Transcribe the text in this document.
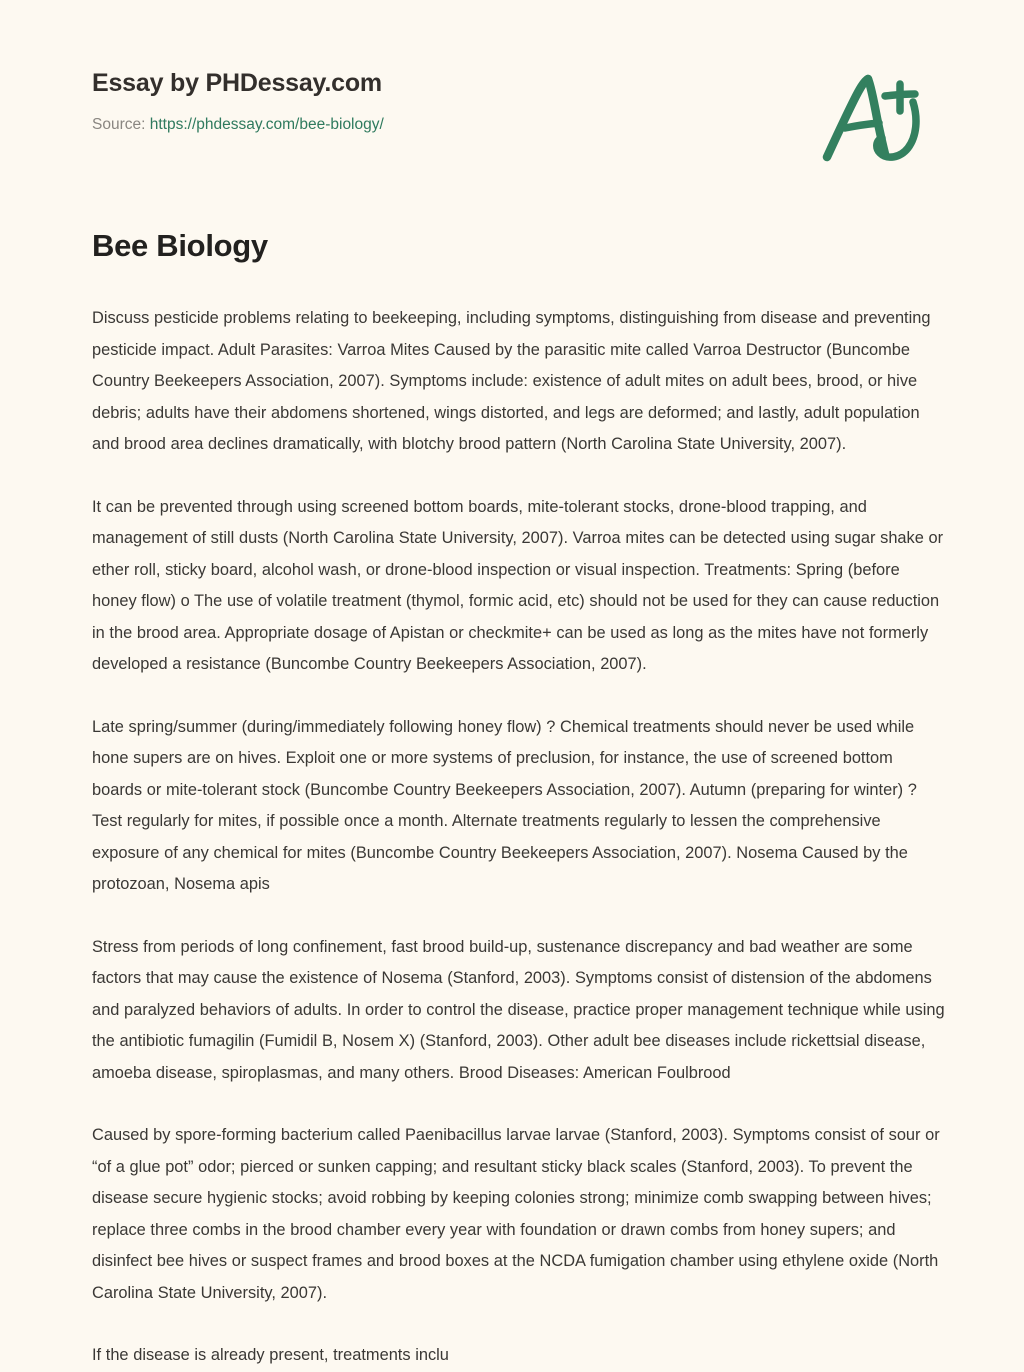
Essay by PHDessay.com
Source: https://phdessay.com/bee-biology/
Bee Biology

Discuss pesticide problems relating to beekeeping, including symptoms, distinguishing from disease and preventing pesticide impact. Adult Parasites: Varroa Mites Caused by the parasitic mite called Varroa Destructor (Buncombe Country Beekeepers Association, 2007). Symptoms include: existence of adult mites on adult bees, brood, or hive debris; adults have their abdomens shortened, wings distorted, and legs are deformed; and lastly, adult population and brood area declines dramatically, with blotchy brood pattern (North Carolina State University, 2007).

It can be prevented through using screened bottom boards, mite-tolerant stocks, drone-blood trapping, and management of still dusts (North Carolina State University, 2007). Varroa mites can be detected using sugar shake or ether roll, sticky board, alcohol wash, or drone-blood inspection or visual inspection. Treatments: Spring (before honey flow) o The use of volatile treatment (thymol, formic acid, etc) should not be used for they can cause reduction in the brood area. Appropriate dosage of Apistan or checkmite+ can be used as long as the mites have not formerly developed a resistance (Buncombe Country Beekeepers Association, 2007).

Late spring/summer (during/immediately following honey flow) ? Chemical treatments should never be used while hone supers are on hives. Exploit one or more systems of preclusion, for instance, the use of screened bottom boards or mite-tolerant stock (Buncombe Country Beekeepers Association, 2007). Autumn (preparing for winter) ? Test regularly for mites, if possible once a month. Alternate treatments regularly to lessen the comprehensive exposure of any chemical for mites (Buncombe Country Beekeepers Association, 2007). Nosema Caused by the protozoan, Nosema apis

Stress from periods of long confinement, fast brood build-up, sustenance discrepancy and bad weather are some factors that may cause the existence of Nosema (Stanford, 2003). Symptoms consist of distension of the abdomens and paralyzed behaviors of adults. In order to control the disease, practice proper management technique while using the antibiotic fumagilin (Fumidil B, Nosem X) (Stanford, 2003). Other adult bee diseases include rickettsial disease, amoeba disease, spiroplasmas, and many others. Brood Diseases: American Foulbrood

Caused by spore-forming bacterium called Paenibacillus larvae larvae (Stanford, 2003). Symptoms consist of sour or “of a glue pot” odor; pierced or sunken capping; and resultant sticky black scales (Stanford, 2003). To prevent the disease secure hygienic stocks; avoid robbing by keeping colonies strong; minimize comb swapping between hives; replace three combs in the brood chamber every year with foundation or drawn combs from honey supers; and disinfect bee hives or suspect frames and brood boxes at the NCDA fumigation chamber using ethylene oxide (North Carolina State University, 2007).

If the disease is already present, treatments inclu
